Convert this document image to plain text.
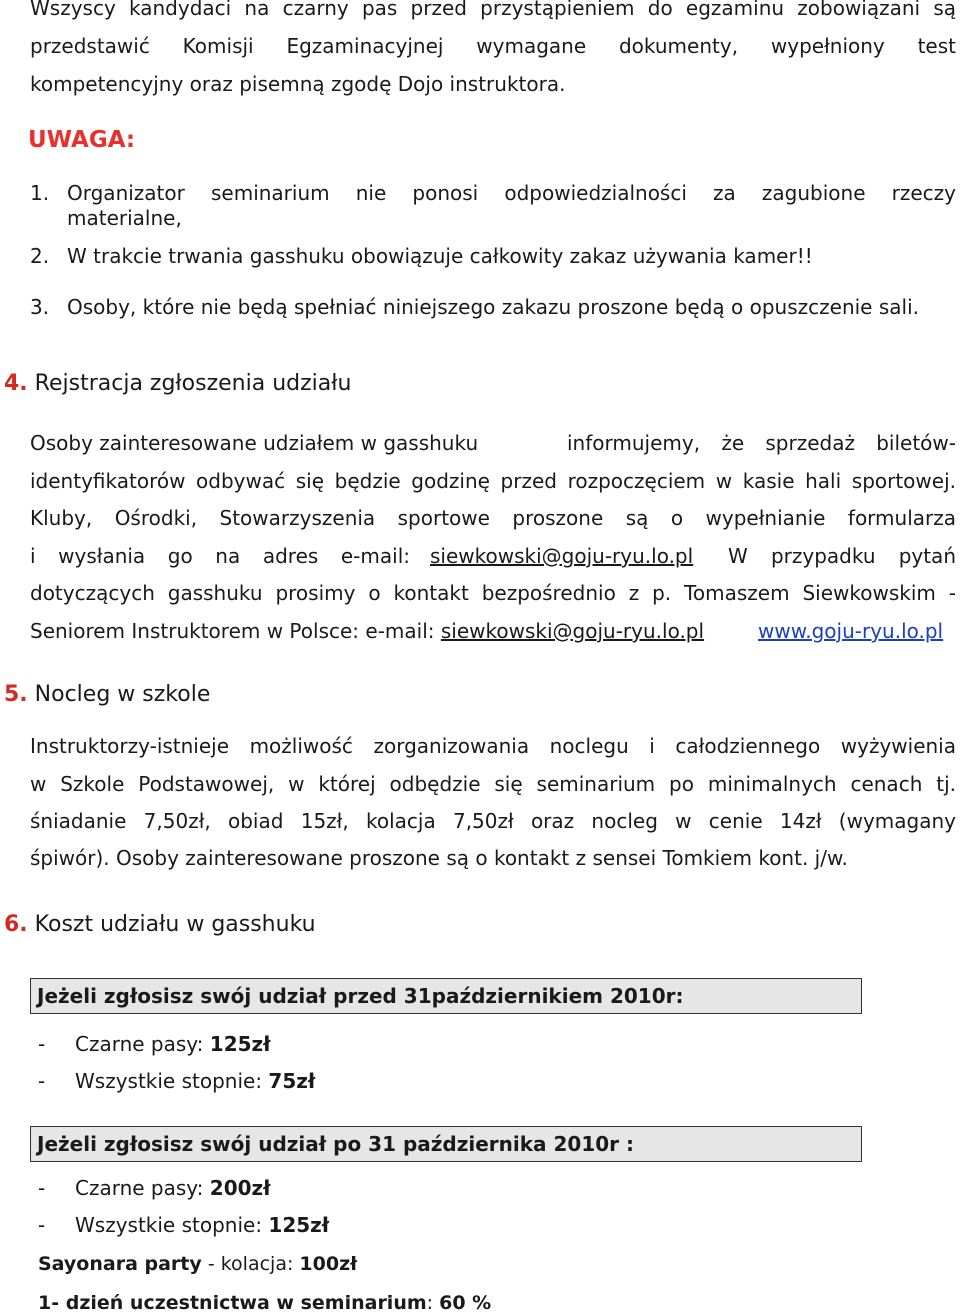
Wszyscy kandydaci na czarny pas przed przystąpieniem do egzaminu zobowiązani są
przedstawić Komisji Egzaminacyjnej wymagane dokumenty, wypełniony test
kompetencyjny oraz pisemną zgodę Dojo instruktora.
UWAGA:
1. Organizator seminarium nie ponosi odpowiedzialności za zagubione rzeczy
materialne,
2. W trakcie trwania gasshuku obowiązuje całkowity zakaz używania kamer!!
3. Osoby, które nie będą spełniać niniejszego zakazu proszone będą o opuszczenie sali.
4. Rejstracja zgłoszenia udziału
Osoby zainteresowane udziałem w gasshuku	informujemy, że sprzedaż biletów-
identyfikatorów odbywać się będzie godzinę przed rozpoczęciem w kasie hali sportowej.
Kluby, Ośrodki, Stowarzyszenia sportowe proszone są o wypełnianie formularza
i wysłania go na adres e-mail: siewkowski@goju-ryu.lo.pl W przypadku pytań
dotyczących gasshuku prosimy o kontakt bezpośrednio z p. Tomaszem Siewkowskim -
Seniorem Instruktorem w Polsce: e-mail: siewkowski@goju-ryu.lo.pl	www.goju-ryu.lo.pl
5. Nocleg w szkole
Instruktorzy-istnieje możliwość zorganizowania noclegu i całodziennego wyżywienia
w Szkole Podstawowej, w której odbędzie się seminarium po minimalnych cenach tj.
śniadanie 7,50zł, obiad 15zł, kolacja 7,50zł oraz nocleg w cenie 14zł (wymagany
śpiwór). Osoby zainteresowane proszone są o kontakt z sensei Tomkiem kont. j/w.
6. Koszt udziału w gasshuku
Jeżeli zgłosisz swój udział przed 31październikiem 2010r:
- Czarne pasy: 125zł
- Wszystkie stopnie: 75zł
Jeżeli zgłosisz swój udział po 31 października 2010r :
- Czarne pasy: 200zł
- Wszystkie stopnie: 125zł
Sayonara party - kolacja: 100zł
1- dzień uczestnictwa w seminarium: 60 %
